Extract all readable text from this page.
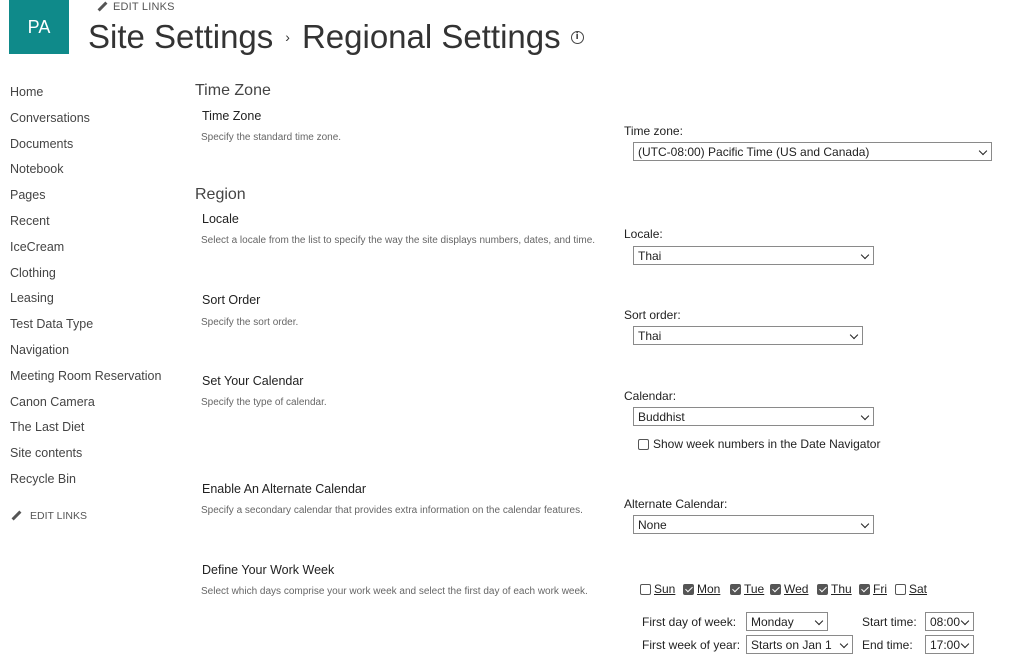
PA
EDIT LINKS
Site Settings › Regional Settings	i
Home
Conversations
Documents
Notebook
Pages
Recent
IceCream
Clothing
Leasing
Test Data Type
Navigation
Meeting Room Reservation
Canon Camera
The Last Diet
Site contents
Recycle Bin
EDIT LINKS
Time Zone
Region
Time Zone
Specify the standard time zone.	Time zone:
(UTC-08:00) Pacific Time (US and Canada)
Locale
Select a locale from the list to specify the way the site displays numbers, dates, and time.	Locale:
Thai
Sort Order
Specify the sort order.
Sort order:
Thai
Set Your Calendar
Specify the type of calendar.	Calendar:
Buddhist
Show week numbers in the Date Navigator
Enable An Alternate Calendar
Specify a secondary calendar that provides extra information on the calendar features.	Alternate Calendar:
None
Define Your Work Week
Select which days comprise your work week and select the first day of each work week.	Sun Mon Tue Wed Thu Fri Sat
First day of week:	Monday	Start time:	08:00
First week of year: Starts on Jan 1	End time:	17:00
